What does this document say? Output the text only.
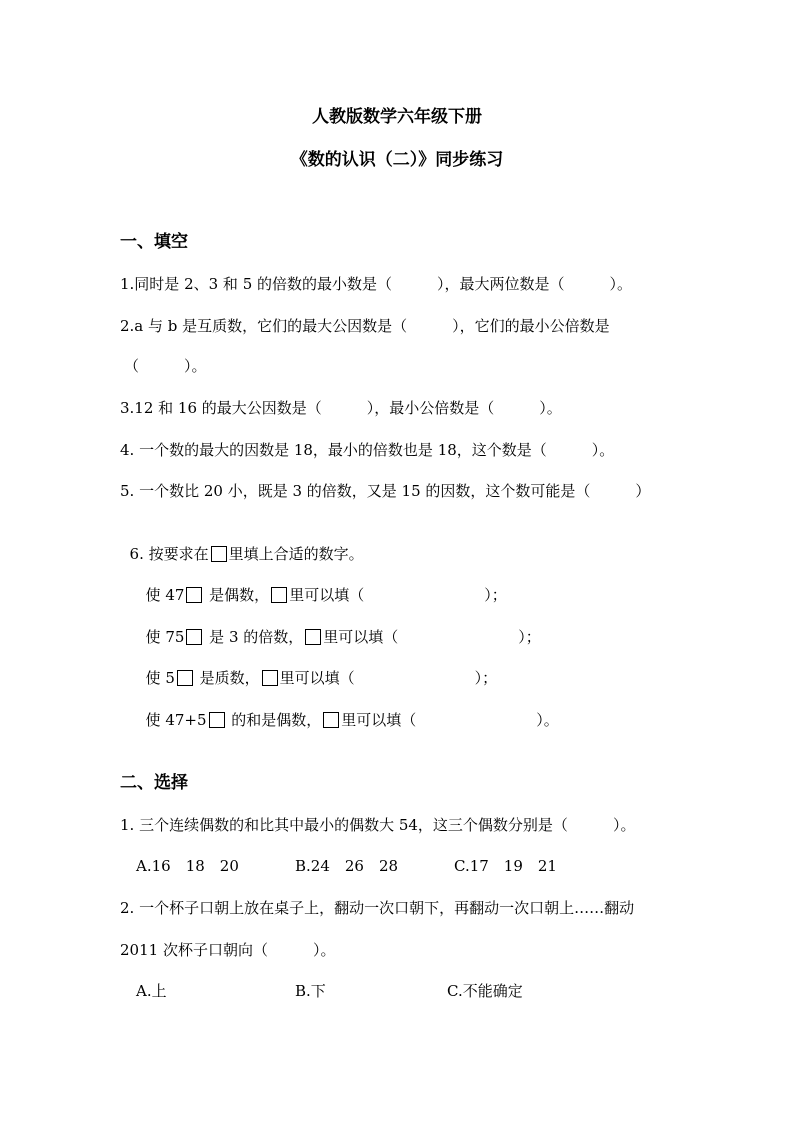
人教版数学六年级下册
《数的认识（二）》同步练习
一、填空
1.同时是 2、3 和 5 的倍数的最小数是（　　　），最大两位数是（　　　）。
2.a 与 b 是互质数，它们的最大公因数是（　　　），它们的最小公倍数是
（　　　）。
3.12 和 16 的最大公因数是（　　　），最小公倍数是（　　　）。
4. 一个数的最大的因数是 18，最小的倍数也是 18，这个数是（　　　）。
5. 一个数比 20 小，既是 3 的倍数，又是 15 的因数，这个数可能是（　　　）

6. 按要求在 里填上合适的数字。

使 47 是偶数， 里可以填（　　　　　　　　）；

使 75 是 3 的倍数， 里可以填（　　　　　　　　）；

使 5 是质数， 里可以填（　　　　　　　　）；

使 47+5 的和是偶数， 里可以填（　　　　　　　　）。

二、选择
1. 三个连续偶数的和比其中最小的偶数大 54，这三个偶数分别是（　　　）。
A.16　18　20	B.24　26　28	C.17　19　21
2. 一个杯子口朝上放在桌子上，翻动一次口朝下，再翻动一次口朝上……翻动
2011 次杯子口朝向（　　　）。
A.上	B.下	C.不能确定
